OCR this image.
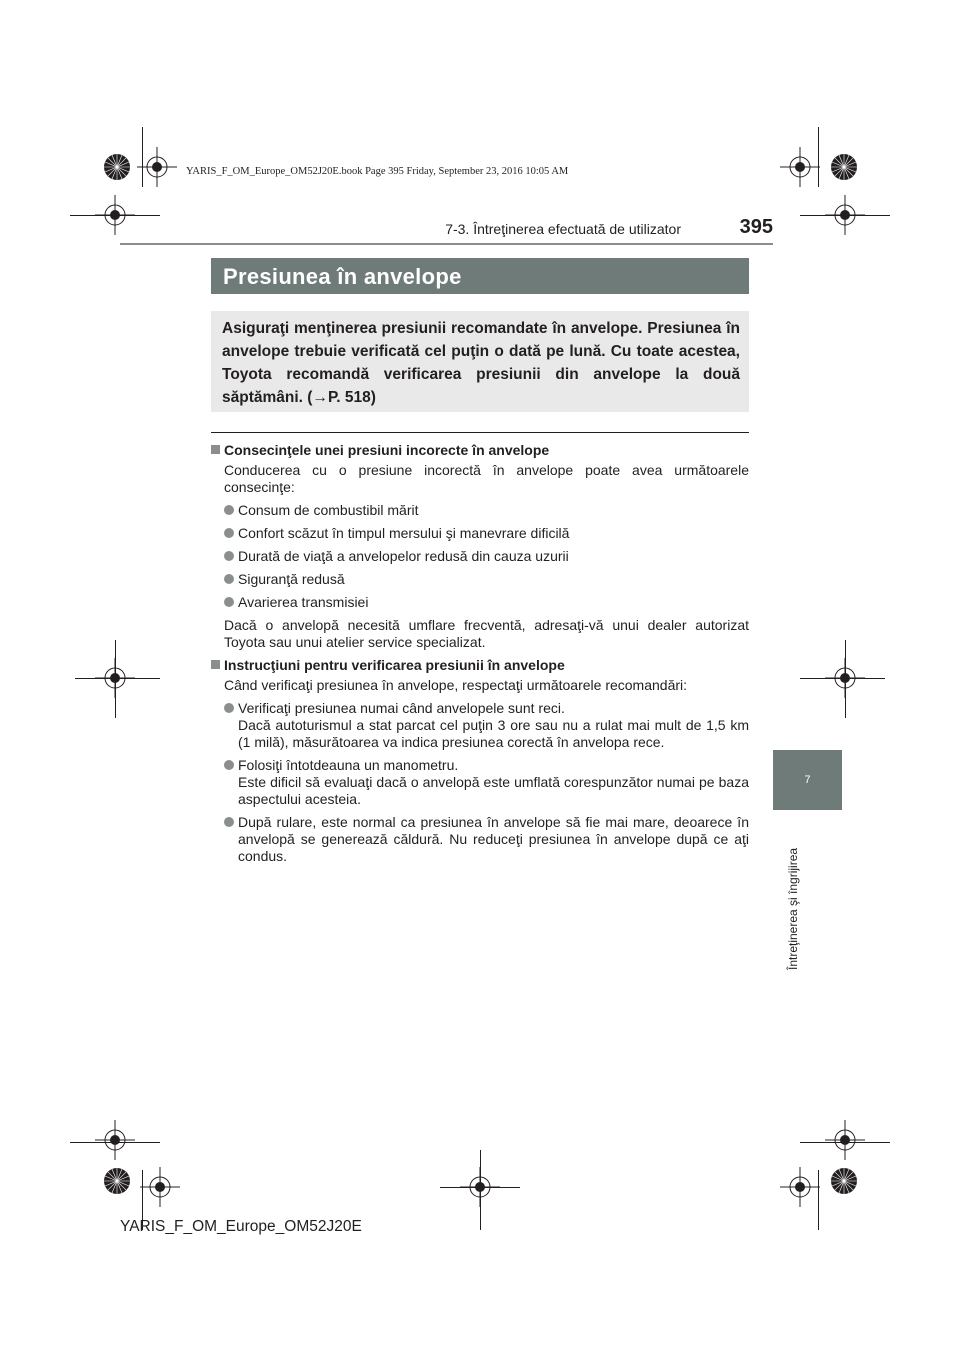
YARIS_F_OM_Europe_OM52J20E.book Page 395 Friday, September 23, 2016 10:05 AM
7-3. Întreţinerea efectuată de utilizator	395
7
Întreţinerea şi îngrijirea
Presiunea în anvelope

Asiguraţi menţinerea presiunii recomandate în anvelope. Presiunea în anvelope trebuie verificată cel puţin o dată pe lună. Cu toate acestea, Toyota recomandă verificarea presiunii din anvelope la două săptămâni. (→P. 518)

Consecinţele unei presiuni incorecte în anvelope
Conducerea cu o presiune incorectă în anvelope poate avea următoarele consecinţe:
Consum de combustibil mărit
Confort scăzut în timpul mersului şi manevrare dificilă
Durată de viaţă a anvelopelor redusă din cauza uzurii
Siguranţă redusă
Avarierea transmisiei
Dacă o anvelopă necesită umflare frecventă, adresaţi-vă unui dealer autorizat Toyota sau unui atelier service specializat.
Instrucţiuni pentru verificarea presiunii în anvelope
Când verificaţi presiunea în anvelope, respectaţi următoarele recomandări:
Verificaţi presiunea numai când anvelopele sunt reci.
Dacă autoturismul a stat parcat cel puţin 3 ore sau nu a rulat mai mult de 1,5 km (1 milă), măsurătoarea va indica presiunea corectă în anvelopa rece.
Folosiţi întotdeauna un manometru.
Este dificil să evaluaţi dacă o anvelopă este umflată corespunzător numai pe baza aspectului acesteia.
După rulare, este normal ca presiunea în anvelope să fie mai mare, deoarece în anvelopă se generează căldură. Nu reduceţi presiunea în anvelope după ce aţi condus.
YARIS_F_OM_Europe_OM52J20E
